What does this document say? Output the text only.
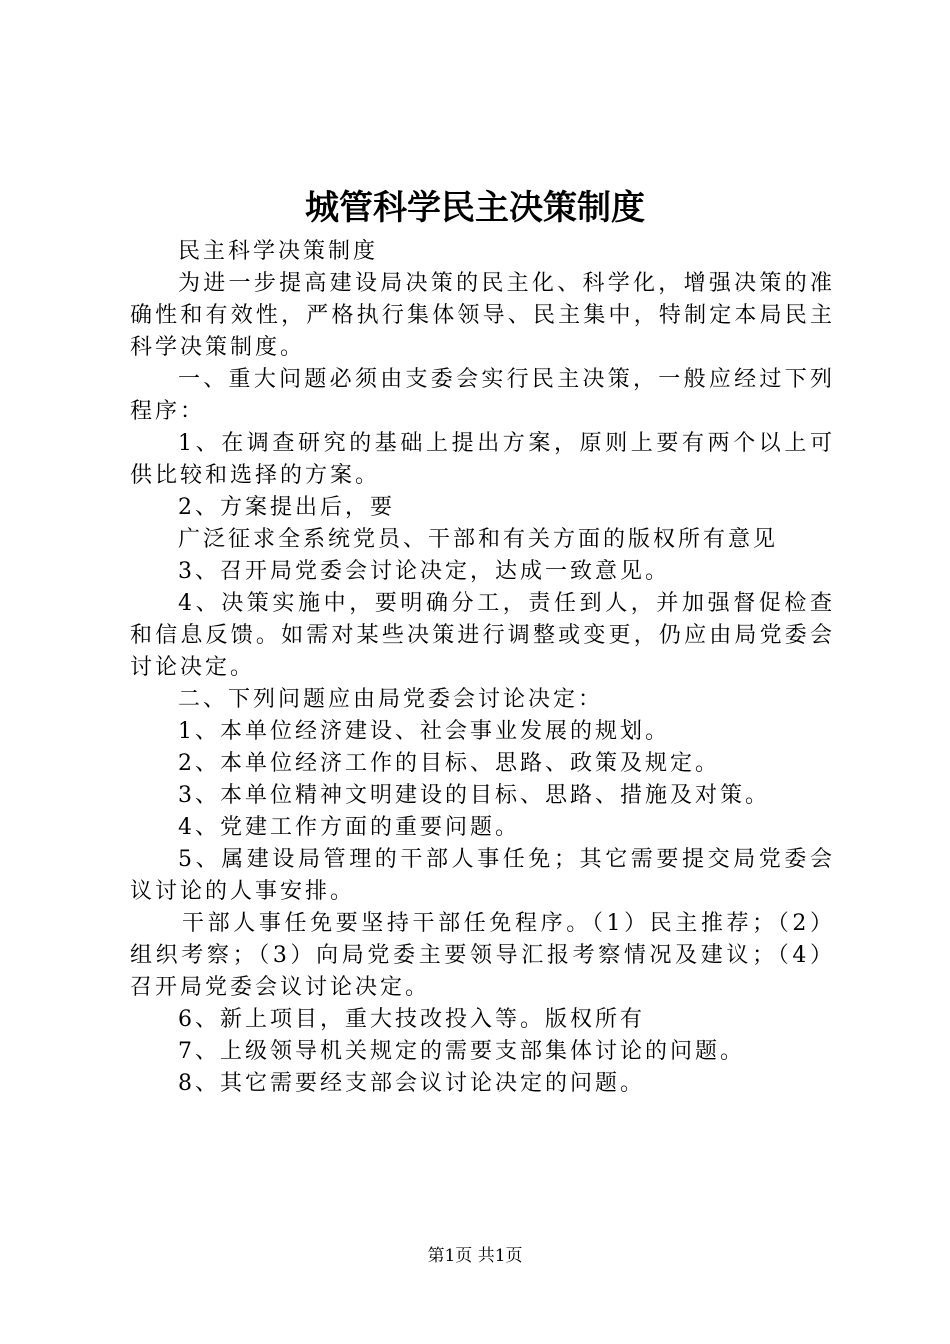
城管科学民主决策制度

民主科学决策制度

为进一步提高建设局决策的民主化、科学化，增强决策的准确性和有效性，严格执行集体领导、民主集中，特制定本局民主科学决策制度。

一、重大问题必须由支委会实行民主决策，一般应经过下列程序：

1、在调查研究的基础上提出方案，原则上要有两个以上可供比较和选择的方案。

2、方案提出后，要

广泛征求全系统党员、干部和有关方面的版权所有意见

3、召开局党委会讨论决定，达成一致意见。

4、决策实施中，要明确分工，责任到人，并加强督促检查和信息反馈。如需对某些决策进行调整或变更，仍应由局党委会讨论决定。

二、下列问题应由局党委会讨论决定：

1、本单位经济建设、社会事业发展的规划。

2、本单位经济工作的目标、思路、政策及规定。

3、本单位精神文明建设的目标、思路、措施及对策。

4、党建工作方面的重要问题。

5、属建设局管理的干部人事任免；其它需要提交局党委会议讨论的人事安排。

干部人事任免要坚持干部任免程序。（1）民主推荐；（2）组织考察；（3）向局党委主要领导汇报考察情况及建议；（4）召开局党委会议讨论决定。

6、新上项目，重大技改投入等。版权所有

7、上级领导机关规定的需要支部集体讨论的问题。

8、其它需要经支部会议讨论决定的问题。

第1页 共1页
